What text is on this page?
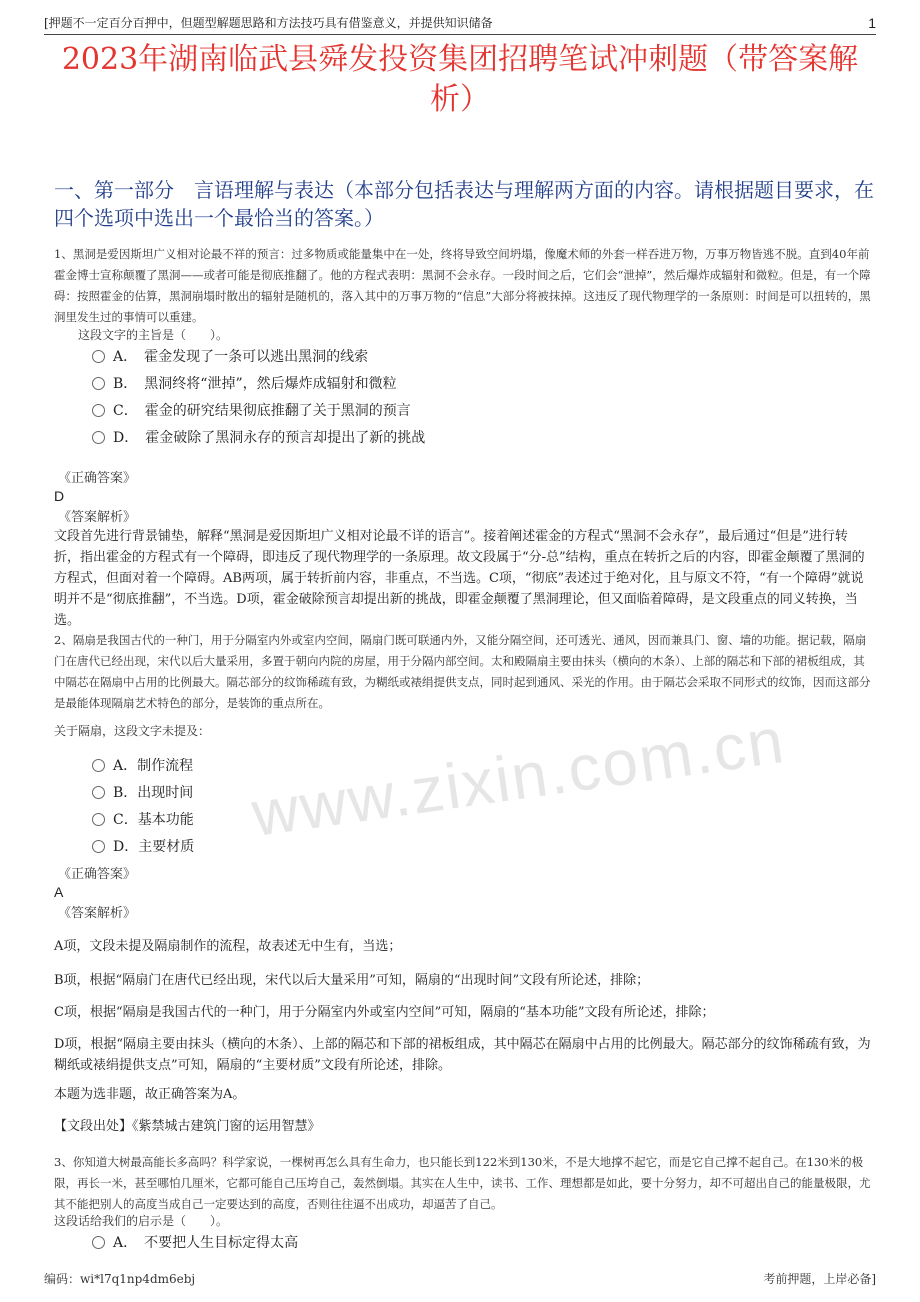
[押题不一定百分百押中，但题型解题思路和方法技巧具有借鉴意义，并提供知识储备	1
2023年湖南临武县舜发投资集团招聘笔试冲刺题（带答案解析）
一、第一部分　言语理解与表达（本部分包括表达与理解两方面的内容。请根据题目要求，在四个选项中选出一个最恰当的答案。）
1、黑洞是爱因斯坦广义相对论最不祥的预言：过多物质或能量集中在一处，终将导致空间坍塌，像魔术师的外套一样吞进万物，万事万物皆逃不脱。直到40年前霍金博士宣称颠覆了黑洞——或者可能是彻底推翻了。他的方程式表明：黑洞不会永存。一段时间之后，它们会“泄掉”，然后爆炸成辐射和微粒。但是，有一个障碍：按照霍金的估算，黑洞崩塌时散出的辐射是随机的，落入其中的万事万物的“信息”大部分将被抹掉。这违反了现代物理学的一条原则：时间是可以扭转的，黑洞里发生过的事情可以重建。
这段文字的主旨是（　　）。
A．　霍金发现了一条可以逃出黑洞的线索
B．　黑洞终将“泄掉”，然后爆炸成辐射和微粒
C．　霍金的研究结果彻底推翻了关于黑洞的预言
D．　霍金破除了黑洞永存的预言却提出了新的挑战
《正确答案》
D
《答案解析》
文段首先进行背景铺垫，解释“黑洞是爱因斯坦广义相对论最不详的语言”。接着阐述霍金的方程式“黑洞不会永存”，最后通过“但是”进行转折，指出霍金的方程式有一个障碍，即违反了现代物理学的一条原理。故文段属于“分-总”结构，重点在转折之后的内容，即霍金颠覆了黑洞的方程式，但面对着一个障碍。AB两项，属于转折前内容，非重点，不当选。C项，“彻底”表述过于绝对化，且与原文不符，“有一个障碍”就说明并不是“彻底推翻”，不当选。D项，霍金破除预言却提出新的挑战，即霍金颠覆了黑洞理论，但又面临着障碍，是文段重点的同义转换，当选。
2、隔扇是我国古代的一种门，用于分隔室内外或室内空间，隔扇门既可联通内外，又能分隔空间，还可透光、通风，因而兼具门、窗、墙的功能。据记载，隔扇门在唐代已经出现，宋代以后大量采用，多置于朝向内院的房屋，用于分隔内部空间。太和殿隔扇主要由抹头（横向的木条）、上部的隔芯和下部的裙板组成，其中隔芯在隔扇中占用的比例最大。隔芯部分的纹饰稀疏有致，为糊纸或裱绢提供支点，同时起到通风、采光的作用。由于隔芯会采取不同形式的纹饰，因而这部分是最能体现隔扇艺术特色的部分，是装饰的重点所在。
关于隔扇，这段文字未提及： www.zixin.com.cn
A．制作流程
B．出现时间
C．基本功能
D．主要材质
《正确答案》
A
《答案解析》
A项，文段未提及隔扇制作的流程，故表述无中生有，当选；
B项，根据“隔扇门在唐代已经出现，宋代以后大量采用”可知，隔扇的“出现时间”文段有所论述，排除；
C项，根据“隔扇是我国古代的一种门，用于分隔室内外或室内空间”可知，隔扇的“基本功能”文段有所论述，排除；
D项，根据“隔扇主要由抹头（横向的木条）、上部的隔芯和下部的裙板组成，其中隔芯在隔扇中占用的比例最大。隔芯部分的纹饰稀疏有致，为糊纸或裱绢提供支点”可知，隔扇的“主要材质”文段有所论述，排除。
本题为选非题，故正确答案为A。
【文段出处】《紫禁城古建筑门窗的运用智慧》
3、你知道大树最高能长多高吗？科学家说，一棵树再怎么具有生命力，也只能长到122米到130米，不是大地撑不起它，而是它自己撑不起自己。在130米的极限，再长一米，甚至哪怕几厘米，它都可能自己压垮自己，轰然倒塌。其实在人生中，读书、工作、理想都是如此，要十分努力，却不可超出自己的能量极限，尤其不能把别人的高度当成自己一定要达到的高度，否则往往逼不出成功，却逼苦了自己。
这段话给我们的启示是（　　）。
A．　不要把人生目标定得太高
编码：wi*l7q1np4dm6ebj	考前押题，上岸必备]
